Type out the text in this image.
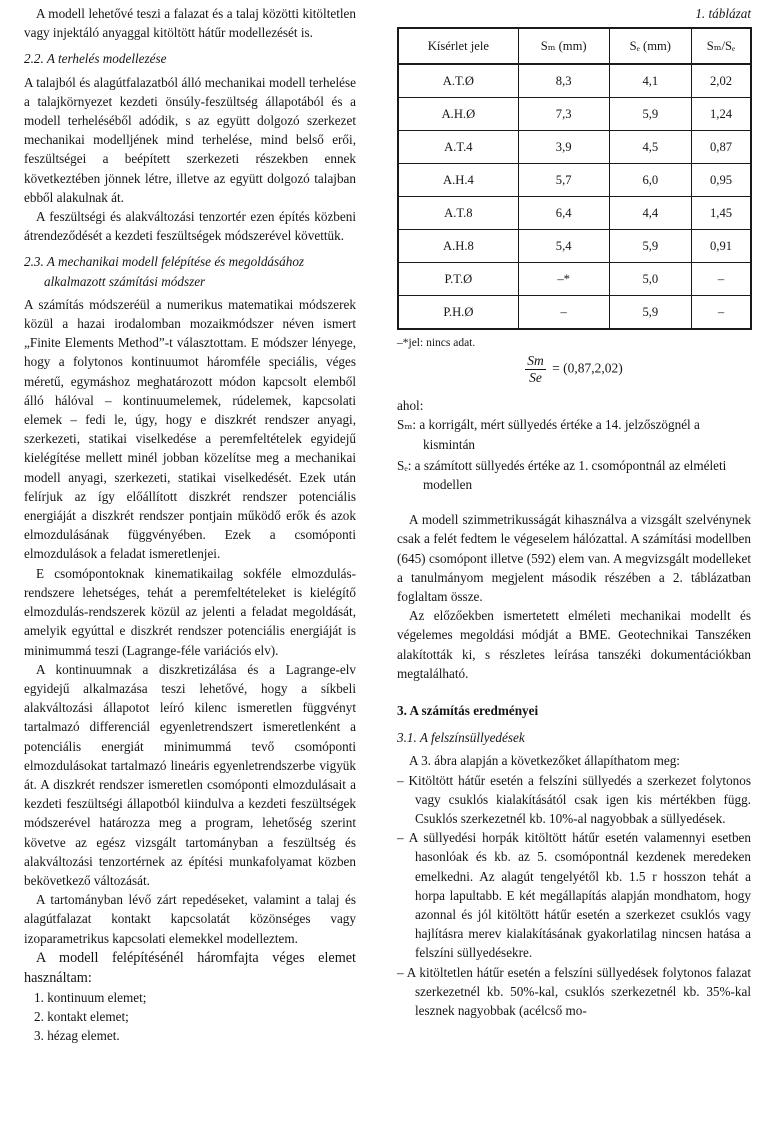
A modell lehetővé teszi a falazat és a talaj közötti kitöltetlen vagy injektáló anyaggal kitöltött hátűr modellezését is.

2.2. A terhelés modellezése

A talajból és alagútfalazatból álló mechanikai modell terhelése a talajkörnyezet kezdeti önsúly-feszültség állapotából és a modell terheléséből adódik, s az együtt dolgozó szerkezet mechanikai modelljének mind terhelése, mind belső erői, feszültségei a beépített szerkezeti részekben ennek következtében jönnek létre, illetve az együtt dolgozó talajban ebből alakulnak át.

A feszültségi és alakváltozási tenzortér ezen építés közbeni átrendeződését a kezdeti feszültségek módszerével követtük.

2.3. A mechanikai modell felépítése és megoldásához alkalmazott számítási módszer

A számítás módszeréül a numerikus matematikai módszerek közül a hazai irodalomban mozaikmódszer néven ismert „Finite Elements Method”-t választottam. E módszer lényege, hogy a folytonos kontinuumot háromféle speciális, véges méretű, egymáshoz meghatározott módon kapcsolt elemből álló hálóval – kontinuumelemek, rúdelemek, kapcsolati elemek – fedi le, úgy, hogy e diszkrét rendszer anyagi, szerkezeti, statikai viselkedése a peremfeltételek egyidejű kielégítése mellett minél jobban közelítse meg a mechanikai modell anyagi, szerkezeti, statikai viselkedését. Ezek után felírjuk az így előállított diszkrét rendszer potenciális energiáját a diszkrét rendszer pontjain működő erők és azok elmozdulásának függvényében. Ezek a csomóponti elmozdulások a feladat ismeretlenjei.

E csomópontoknak kinematikailag sokféle elmozdulás-rendszere lehetséges, tehát a peremfeltételeket is kielégítő elmozdulás-rendszerek közül az jelenti a feladat megoldását, amelyik egyúttal e diszkrét rendszer potenciális energiáját is minimummá teszi (Lagrange-féle variációs elv).

A kontinuumnak a diszkretizálása és a Lagrange-elv egyidejű alkalmazása teszi lehetővé, hogy a síkbeli alakváltozási állapotot leíró kilenc ismeretlen függvényt tartalmazó differenciál egyenletrendszert ismeretlenként a potenciális energiát minimummá tevő csomóponti elmozdulásokat tartalmazó lineáris egyenletrendszerbe vigyük át. A diszkrét rendszer ismeretlen csomóponti elmozdulásait a kezdeti feszültségi állapotból kiindulva a kezdeti feszültségek módszerével határozza meg a program, lehetőség szerint követve az egész vizsgált tartományban a feszültség és alakváltozási tenzortérnek az építési munkafolyamat közben bekövetkező változását.

A tartományban lévő zárt repedéseket, valamint a talaj és alagútfalazat kontakt kapcsolatát közönséges vagy izoparametrikus kapcsolati elemekkel modelleztem.

A modell felépítésénél háromfajta véges elemet használtam:

1. kontinuum elemet;
2. kontakt elemet;
3. hézag elemet.

1. táblázat

Kísérlet jele	Sₘ (mm)	Sₑ (mm)	Sₘ/Sₑ
A.T.Ø	8,3	4,1	2,02
A.H.Ø	7,3	5,9	1,24
A.T.4	3,9	4,5	0,87
A.H.4	5,7	6,0	0,95
A.T.8	6,4	4,4	1,45
A.H.8	5,4	5,9	0,91
P.T.Ø	–*	5,0	–
P.H.Ø	–	5,9	–

–*jel: nincs adat.

$\frac{Sm}{Se} = (0,87,2,02)$

ahol:

Sₘ: a korrigált, mért süllyedés értéke a 14. jelzőszögnél a kismintán

Sₑ: a számított süllyedés értéke az 1. csomópontnál az elméleti modellen

A modell szimmetrikusságát kihasználva a vizsgált szelvénynek csak a felét fedtem le végeselem hálózattal. A számítási modellben (645) csomópont illetve (592) elem van. A megvizsgált modelleket a tanulmányom megjelent második részében a 2. táblázatban foglaltam össze.

Az előzőekben ismertetett elméleti mechanikai modellt és végelemes megoldási módját a BME. Geotechnikai Tanszéken alakították ki, s részletes leírása tanszéki dokumentációkban megtalálható.

3. A számítás eredményei
3.1. A felszínsüllyedések

A 3. ábra alapján a következőket állapíthatom meg:

– Kitöltött hátűr esetén a felszíni süllyedés a szerkezet folytonos vagy csuklós kialakításától csak igen kis mértékben függ. Csuklós szerkezetnél kb. 10%-al nagyobbak a süllyedések.

– A süllyedési horpák kitöltött hátűr esetén valamennyi esetben hasonlóak és kb. az 5. csomópontnál kezdenek meredeken emelkedni. Az alagút tengelyétől kb. 1.5 r hosszon tehát a horpa lapultabb. E két megállapítás alapján mondhatom, hogy azonnal és jól kitöltött hátűr esetén a szerkezet csuklós vagy hajlításra merev kialakításának gyakorlatilag nincsen hatása a felszíni süllyedésekre.

– A kitöltetlen hátűr esetén a felszíni süllyedések folytonos falazat szerkezetnél kb. 50%-kal, csuklós szerkezetnél kb. 35%-kal lesznek nagyobbak (acélcső mo-
